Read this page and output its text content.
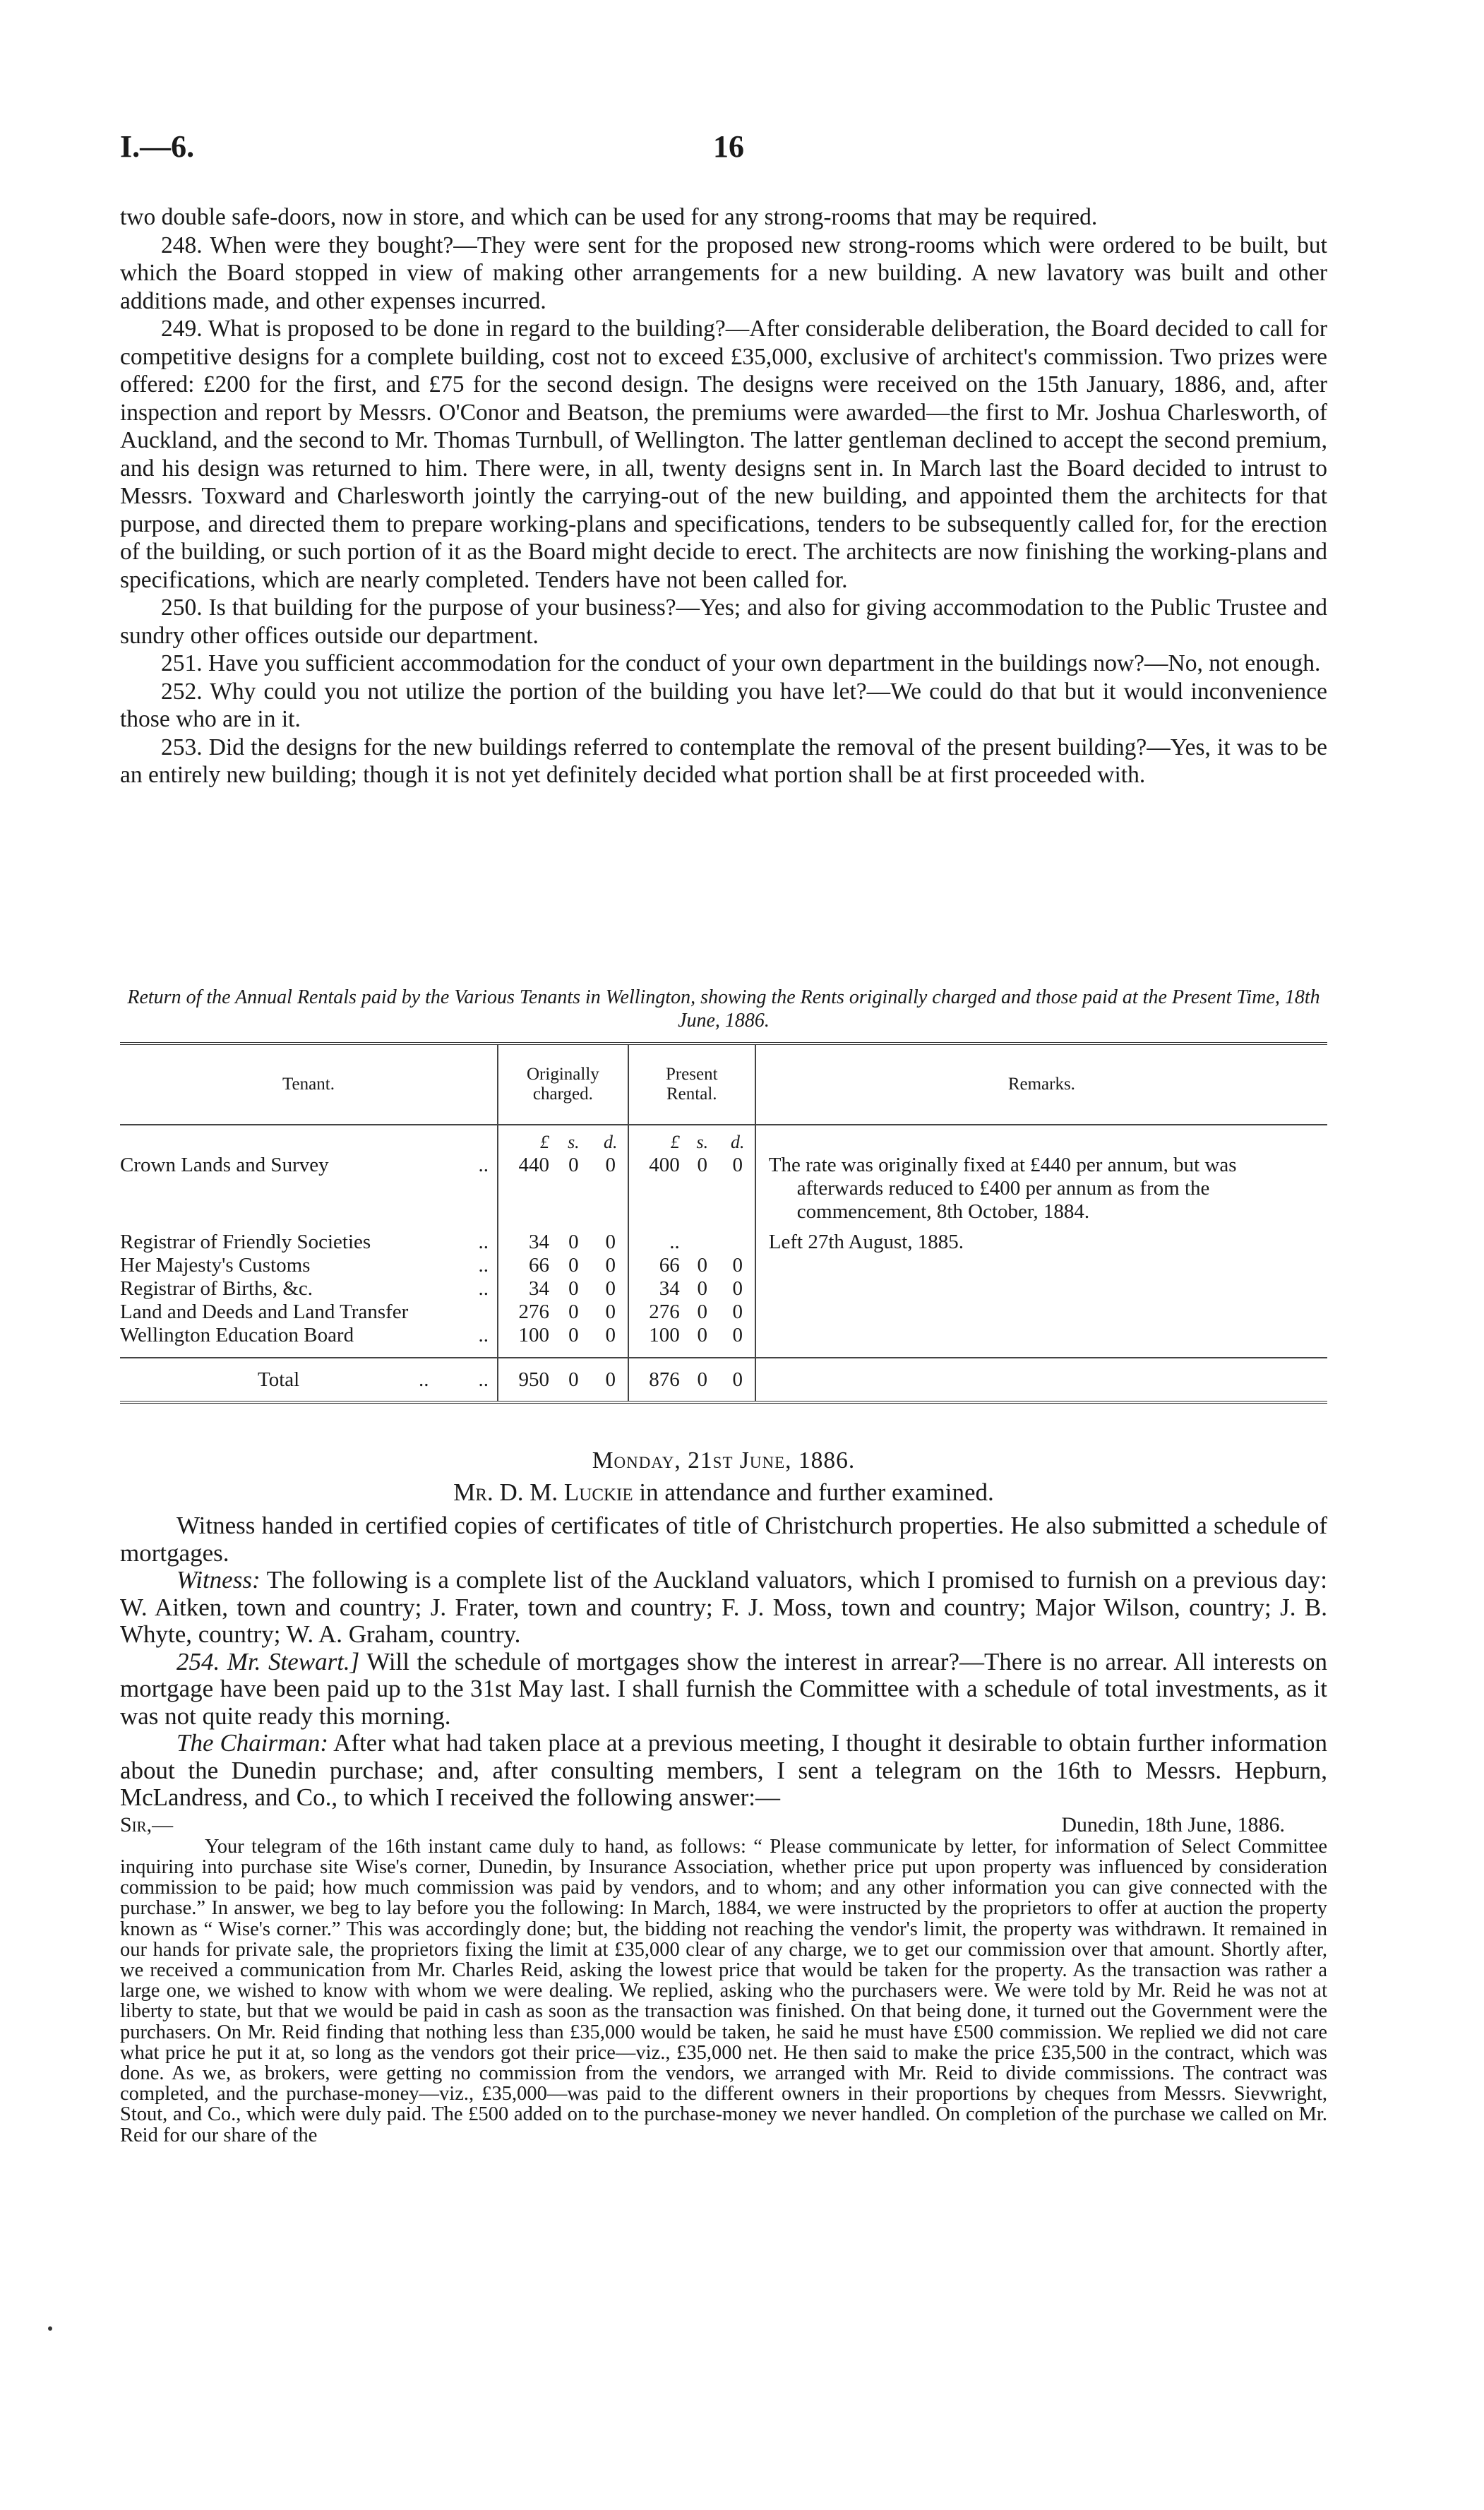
I.—6.	16

two double safe-doors, now in store, and which can be used for any strong-rooms that may be required.

248. When were they bought?—They were sent for the proposed new strong-rooms which were ordered to be built, but which the Board stopped in view of making other arrangements for a new building. A new lavatory was built and other additions made, and other expenses incurred.

249. What is proposed to be done in regard to the building?—After considerable deliberation, the Board decided to call for competitive designs for a complete building, cost not to exceed £35,000, exclusive of architect's commission. Two prizes were offered: £200 for the first, and £75 for the second design. The designs were received on the 15th January, 1886, and, after inspection and report by Messrs. O'Conor and Beatson, the premiums were awarded—the first to Mr. Joshua Charlesworth, of Auckland, and the second to Mr. Thomas Turnbull, of Wellington. The latter gentleman declined to accept the second premium, and his design was returned to him. There were, in all, twenty designs sent in. In March last the Board decided to intrust to Messrs. Toxward and Charlesworth jointly the carrying-out of the new building, and appointed them the architects for that purpose, and directed them to prepare working-plans and specifications, tenders to be subsequently called for, for the erection of the building, or such portion of it as the Board might decide to erect. The architects are now finishing the working-plans and specifications, which are nearly completed. Tenders have not been called for.

250. Is that building for the purpose of your business?—Yes; and also for giving accommodation to the Public Trustee and sundry other offices outside our department.

251. Have you sufficient accommodation for the conduct of your own department in the buildings now?—No, not enough.

252. Why could you not utilize the portion of the building you have let?—We could do that but it would inconvenience those who are in it.

253. Did the designs for the new buildings referred to contemplate the removal of the present building?—Yes, it was to be an entirely new building; though it is not yet definitely decided what portion shall be at first proceeded with.

Return of the Annual Rentals paid by the Various Tenants in Wellington, showing the Rents originally charged and those paid at the Present Time, 18th June, 1886.
Tenant.	Originally charged.	Present Rental.	Remarks.

	£ s. d.	£ s. d.	

Crown Lands and Survey ..	440 0 0	400 0 0	The rate was originally fixed at £440 per annum, but was afterwards reduced to £400 per annum as from the commencement, 8th October, 1884.

Registrar of Friendly Societies ..	34 0 0	..	Left 27th August, 1885.

Her Majesty's Customs ..	66 0 0	66 0 0	

Registrar of Births, &c. ..	34 0 0	34 0 0	

Land and Deeds and Land Transfer	276 0 0	276 0 0	

Wellington Education Board ..	100 0 0	100 0 0	

Total .. ..	950 0 0	876 0 0	

Monday, 21st June, 1886.
Mr. D. M. Luckie in attendance and further examined.

Witness handed in certified copies of certificates of title of Christchurch properties. He also submitted a schedule of mortgages.

Witness: The following is a complete list of the Auckland valuators, which I promised to furnish on a previous day: W. Aitken, town and country; J. Frater, town and country; F. J. Moss, town and country; Major Wilson, country; J. B. Whyte, country; W. A. Graham, country.

254. Mr. Stewart.] Will the schedule of mortgages show the interest in arrear?—There is no arrear. All interests on mortgage have been paid up to the 31st May last. I shall furnish the Committee with a schedule of total investments, as it was not quite ready this morning.

The Chairman: After what had taken place at a previous meeting, I thought it desirable to obtain further information about the Dunedin purchase; and, after consulting members, I sent a telegram on the 16th to Messrs. Hepburn, McLandress, and Co., to which I received the following answer:—

Sir,—	Dunedin, 18th June, 1886.

Your telegram of the 16th instant came duly to hand, as follows: “ Please communicate by letter, for information of Select Committee inquiring into purchase site Wise's corner, Dunedin, by Insurance Association, whether price put upon property was influenced by consideration commission to be paid; how much commission was paid by vendors, and to whom; and any other information you can give connected with the purchase.” In answer, we beg to lay before you the following: In March, 1884, we were instructed by the proprietors to offer at auction the property known as “ Wise's corner.” This was accordingly done; but, the bidding not reaching the vendor's limit, the property was withdrawn. It remained in our hands for private sale, the proprietors fixing the limit at £35,000 clear of any charge, we to get our commission over that amount. Shortly after, we received a communication from Mr. Charles Reid, asking the lowest price that would be taken for the property. As the transaction was rather a large one, we wished to know with whom we were dealing. We replied, asking who the purchasers were. We were told by Mr. Reid he was not at liberty to state, but that we would be paid in cash as soon as the transaction was finished. On that being done, it turned out the Government were the purchasers. On Mr. Reid finding that nothing less than £35,000 would be taken, he said he must have £500 commission. We replied we did not care what price he put it at, so long as the vendors got their price—viz., £35,000 net. He then said to make the price £35,500 in the contract, which was done. As we, as brokers, were getting no commission from the vendors, we arranged with Mr. Reid to divide commissions. The contract was completed, and the purchase-money—viz., £35,000—was paid to the different owners in their proportions by cheques from Messrs. Sievwright, Stout, and Co., which were duly paid. The £500 added on to the purchase-money we never handled. On completion of the purchase we called on Mr. Reid for our share of the
